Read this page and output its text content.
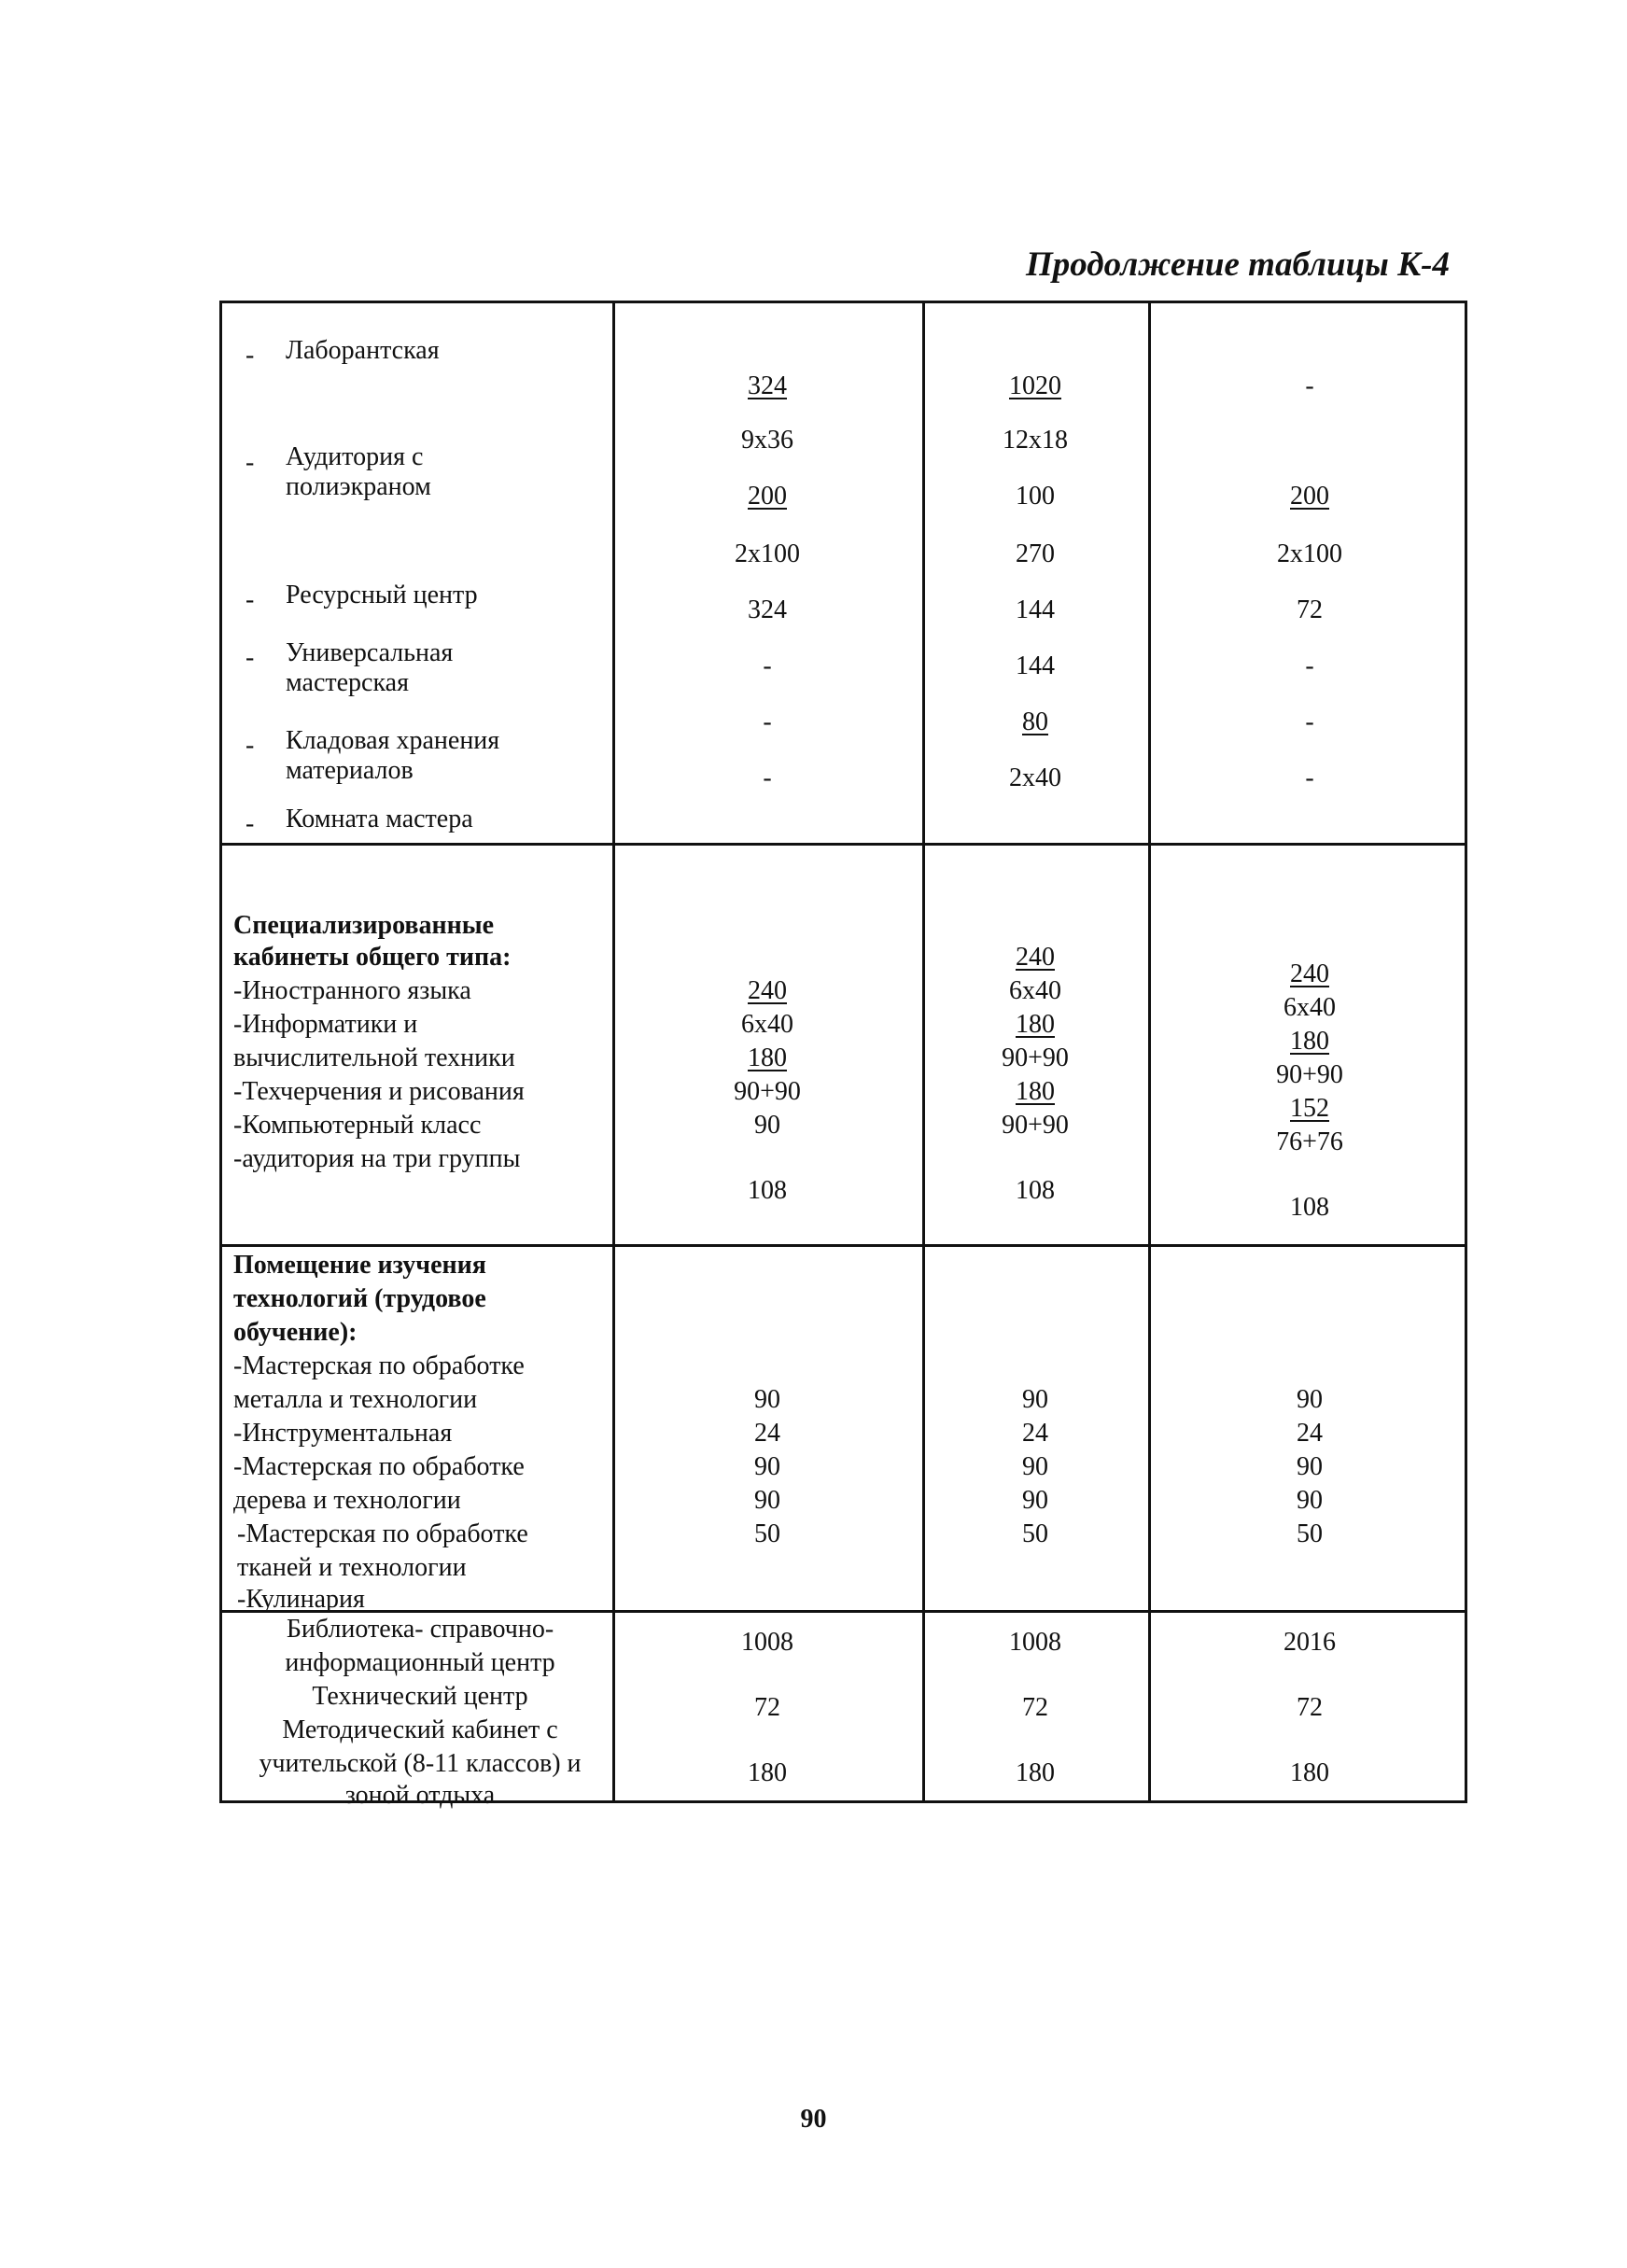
Продолжение таблицы К-4
- Лаборантская
- Аудитория с
полиэкраном
- Ресурсный центр
- Универсальная
мастерская
- Кладовая хранения
материалов
- Комната мастера
324
9x36
200
2x100
324
-
-
-
1020
12x18
100
270
144
144
80
2x40
-
200
2x100
72
-
-
-
Специализированные
кабинеты общего типа:
-Иностранного языка
-Информатики и
вычислительной техники
-Техчерчения и рисования
-Компьютерный класс
-аудитория на три группы
240
6x40
180
90+90
90
108
240
6x40
180
90+90
180
90+90
108
240
6x40
180
90+90
152
76+76
108
Помещение изучения
технологий (трудовое
обучение):
-Мастерская по обработке
металла и технологии
-Инструментальная
-Мастерская по обработке
дерева и технологии
-Мастерская по обработке
тканей и технологии
-Кулинария
90
24
90
90
50
90
24
90
90
50
90
24
90
90
50
Библиотека- справочно-
информационный центр
Технический центр
Методический кабинет с
учительской (8-11 классов) и
зоной отдыха
1008
72
180
1008
72
180
2016
72
180
90
